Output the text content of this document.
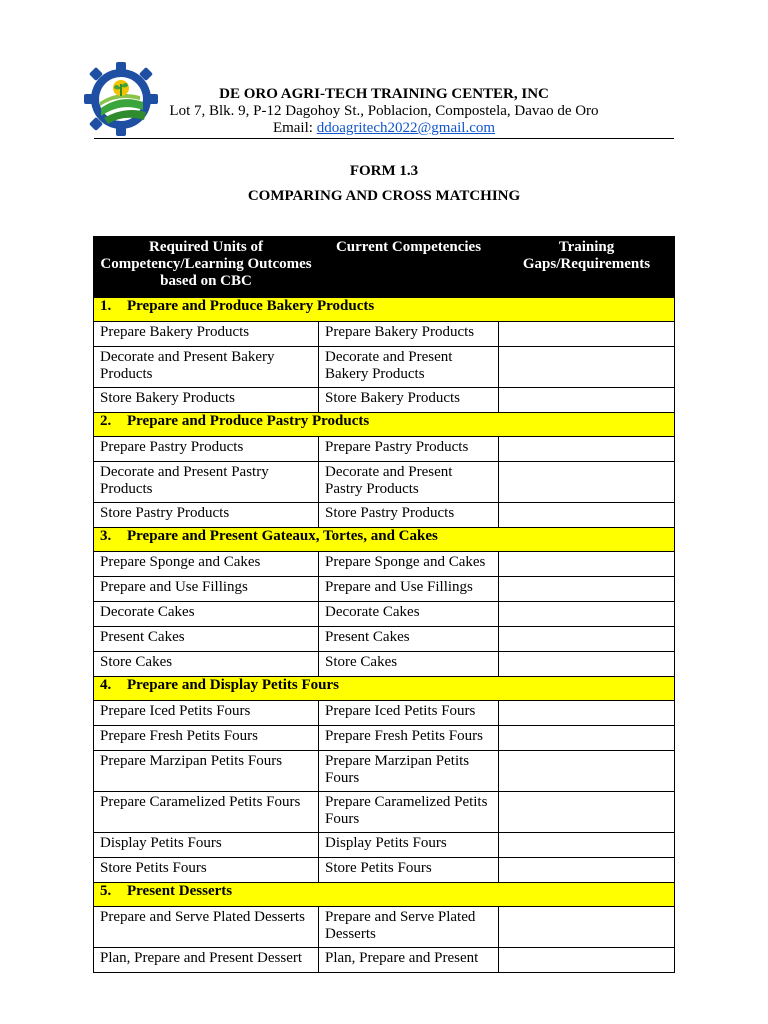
DE ORO AGRI-TECH TRAINING CENTER, INC
Lot 7, Blk. 9, P-12 Dagohoy St., Poblacion, Compostela, Davao de Oro
Email: ddoagritech2022@gmail.com
FORM 1.3
COMPARING AND CROSS MATCHING
Required Units of Competency/Learning Outcomes based on CBC	Current Competencies	Training Gaps/Requirements
1. Prepare and Produce Bakery Products		
Prepare Bakery Products	Prepare Bakery Products	
Decorate and Present Bakery Products	Decorate and Present Bakery Products	
Store Bakery Products	Store Bakery Products	
2. Prepare and Produce Pastry Products		
Prepare Pastry Products	Prepare Pastry Products	
Decorate and Present Pastry Products	Decorate and Present Pastry Products	
Store Pastry Products	Store Pastry Products	
3. Prepare and Present Gateaux, Tortes, and Cakes		
Prepare Sponge and Cakes	Prepare Sponge and Cakes	
Prepare and Use Fillings	Prepare and Use Fillings	
Decorate Cakes	Decorate Cakes	
Present Cakes	Present Cakes	
Store Cakes	Store Cakes	
4. Prepare and Display Petits Fours		
Prepare Iced Petits Fours	Prepare Iced Petits Fours	
Prepare Fresh Petits Fours	Prepare Fresh Petits Fours	
Prepare Marzipan Petits Fours	Prepare Marzipan Petits Fours	
Prepare Caramelized Petits Fours	Prepare Caramelized Petits Fours	
Display Petits Fours	Display Petits Fours	
Store Petits Fours	Store Petits Fours	
5. Present Desserts		
Prepare and Serve Plated Desserts	Prepare and Serve Plated Desserts	
Plan, Prepare and Present Dessert	Plan, Prepare and Present	
